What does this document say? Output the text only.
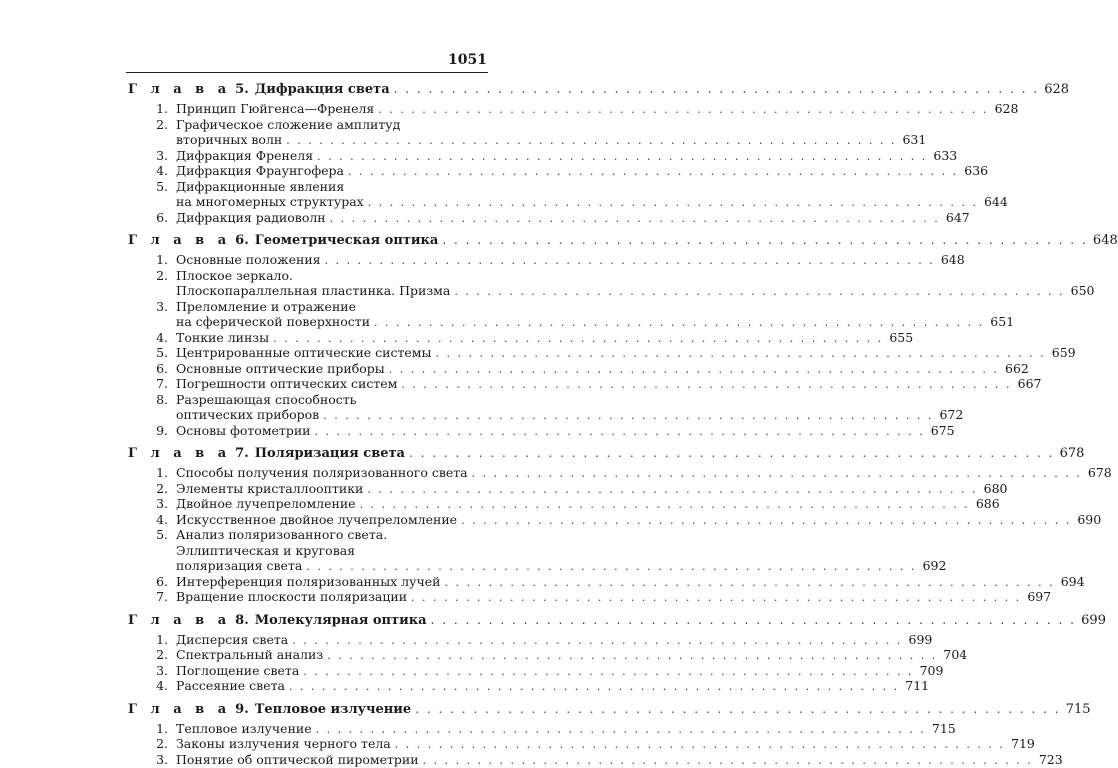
1051
Г л а в а 5. Дифракция света . . .	628
1. Принцип Гюйгенса—Френеля . . .	628
2. Графическое сложение амплитуд
вторичных волн . . .	631
3. Дифракция Френеля . . .	633
4. Дифракция Фраунгофера . . .	636
5. Дифракционные явления
на многомерных структурах . . .	644
6. Дифракция радиоволн . . .	647
Г л а в а 6. Геометрическая оптика . . .	648
1. Основные положения . . .	648
2. Плоское зеркало.
Плоскопараллельная пластинка. Призма . . .	650
3. Преломление и отражение
на сферической поверхности . . .	651
4. Тонкие линзы . . .	655
5. Центрированные оптические системы . . .	659
6. Основные оптические приборы . . .	662
7. Погрешности оптических систем . . .	667
8. Разрешающая способность
оптических приборов . . .	672
9. Основы фотометрии . . .	675
Г л а в а 7. Поляризация света . . .	678
1. Способы получения поляризованного света . . .	678
2. Элементы кристаллооптики . . .	680
3. Двойное лучепреломление . . .	686
4. Искусственное двойное лучепреломление . . .	690
5. Анализ поляризованного света.
Эллиптическая и круговая
поляризация света . . .	692
6. Интерференция поляризованных лучей . . .	694
7. Вращение плоскости поляризации . . .	697
Г л а в а 8. Молекулярная оптика . . .	699
1. Дисперсия света . . .	699
2. Спектральный анализ . . .	704
3. Поглощение света . . .	709
4. Рассеяние света . . .	711
Г л а в а 9. Тепловое излучение . . .	715
1. Тепловое излучение . . .	715
2. Законы излучения черного тела . . .	719
3. Понятие об оптической пирометрии . . .	723
